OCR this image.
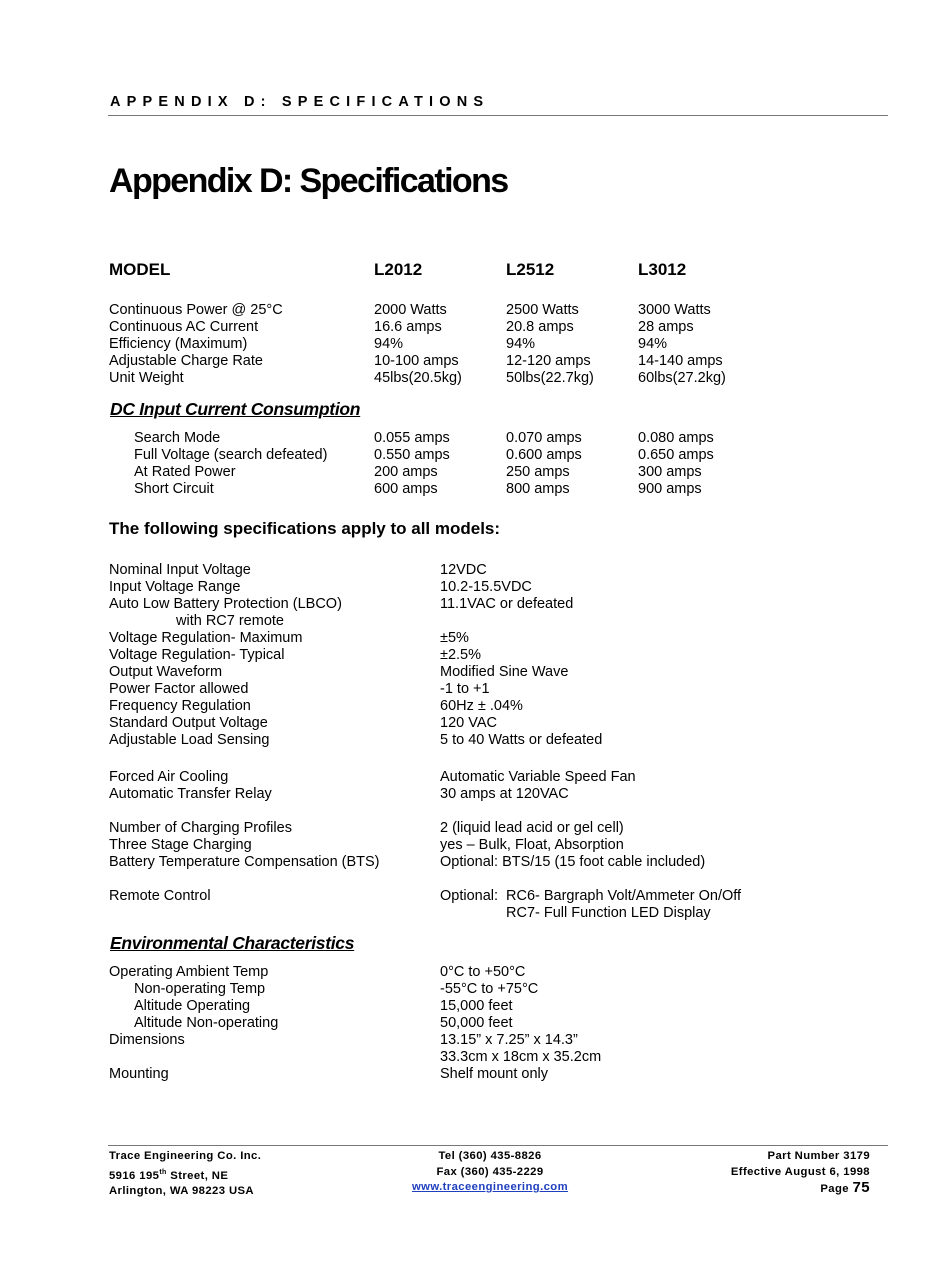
APPENDIX D: SPECIFICATIONS
Appendix D: Specifications
MODEL	L2012	L2512	L3012
Continuous Power @ 25°C	2000 Watts	2500 Watts	3000 Watts
Continuous AC Current	16.6 amps	20.8 amps	28 amps
Efficiency (Maximum)	94%	94%	94%
Adjustable Charge Rate	10-100 amps	12-120 amps	14-140 amps
Unit Weight	45lbs(20.5kg)	50lbs(22.7kg)	60lbs(27.2kg)
DC Input Current Consumption
Search Mode	0.055 amps	0.070 amps	0.080 amps
Full Voltage (search defeated)	0.550 amps	0.600 amps	0.650 amps
At Rated Power	200 amps	250 amps	300 amps
Short Circuit	600 amps	800 amps	900 amps
The following specifications apply to all models:
Nominal Input Voltage	12VDC
Input Voltage Range	10.2-15.5VDC
Auto Low Battery Protection (LBCO)	11.1VAC or defeated
with RC7 remote
Voltage Regulation- Maximum	±5%
Voltage Regulation- Typical	±2.5%
Output Waveform	Modified Sine Wave
Power Factor allowed	-1 to +1
Frequency Regulation	60Hz ± .04%
Standard Output Voltage	120 VAC
Adjustable Load Sensing	5 to 40 Watts or defeated
Forced Air Cooling	Automatic Variable Speed Fan
Automatic Transfer Relay	30 amps at 120VAC
Number of Charging Profiles	2 (liquid lead acid or gel cell)
Three Stage Charging	yes – Bulk, Float, Absorption
Battery Temperature Compensation (BTS)	Optional: BTS/15 (15 foot cable included)
Remote Control	Optional: RC6- Bargraph Volt/Ammeter On/Off
RC7- Full Function LED Display
Environmental Characteristics
Operating Ambient Temp	0°C to +50°C
Non-operating Temp	-55°C to +75°C
Altitude Operating	15,000 feet
Altitude Non-operating	50,000 feet
Dimensions	13.15” x 7.25” x 14.3”
33.3cm x 18cm x 35.2cm
Mounting	Shelf mount only
Trace Engineering Co. Inc.
5916 195th Street, NE
Arlington, WA 98223 USA
Tel (360) 435-8826
Fax (360) 435-2229
www.traceengineering.com
Part Number 3179
Effective August 6, 1998
Page 75
